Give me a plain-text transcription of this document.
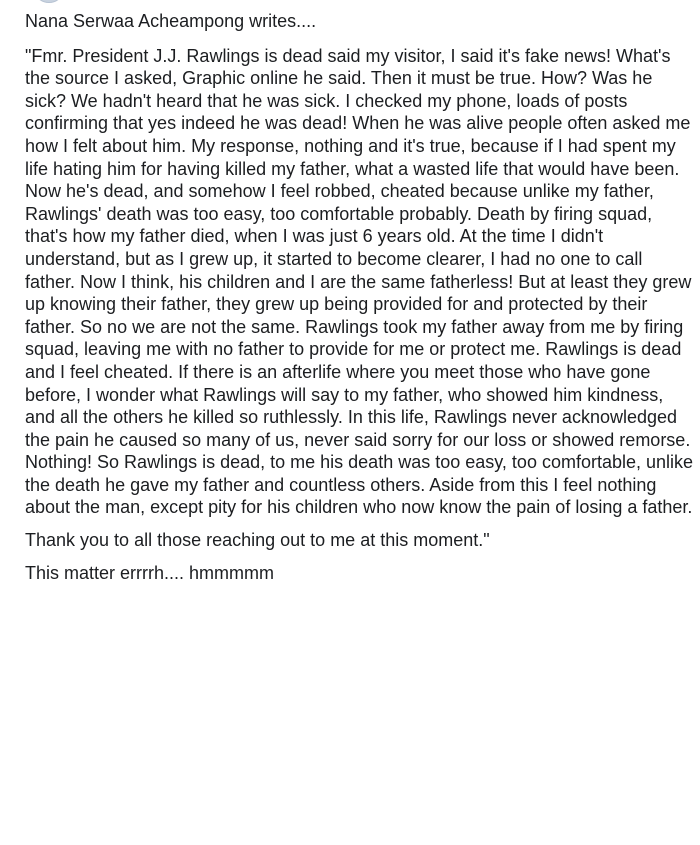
Nana Serwaa Acheampong writes....

"Fmr. President J.J. Rawlings is dead said my visitor, I said it's fake news! What's the source I asked, Graphic online he said. Then it must be true. How? Was he sick? We hadn't heard that he was sick. I checked my phone, loads of posts confirming that yes indeed he was dead! When he was alive people often asked me how I felt about him. My response, nothing and it's true, because if I had spent my life hating him for having killed my father, what a wasted life that would have been. Now he's dead, and somehow I feel robbed, cheated because unlike my father, Rawlings' death was too easy, too comfortable probably. Death by firing squad, that's how my father died, when I was just 6 years old. At the time I didn't understand, but as I grew up, it started to become clearer, I had no one to call father. Now I think, his children and I are the same fatherless! But at least they grew up knowing their father, they grew up being provided for and protected by their father. So no we are not the same. Rawlings took my father away from me by firing squad, leaving me with no father to provide for me or protect me. Rawlings is dead and I feel cheated. If there is an afterlife where you meet those who have gone before, I wonder what Rawlings will say to my father, who showed him kindness, and all the others he killed so ruthlessly. In this life, Rawlings never acknowledged the pain he caused so many of us, never said sorry for our loss or showed remorse. Nothing! So Rawlings is dead, to me his death was too easy, too comfortable, unlike the death he gave my father and countless others. Aside from this I feel nothing about the man, except pity for his children who now know the pain of losing a father.

Thank you to all those reaching out to me at this moment."

This matter errrrh.... hmmmmm
